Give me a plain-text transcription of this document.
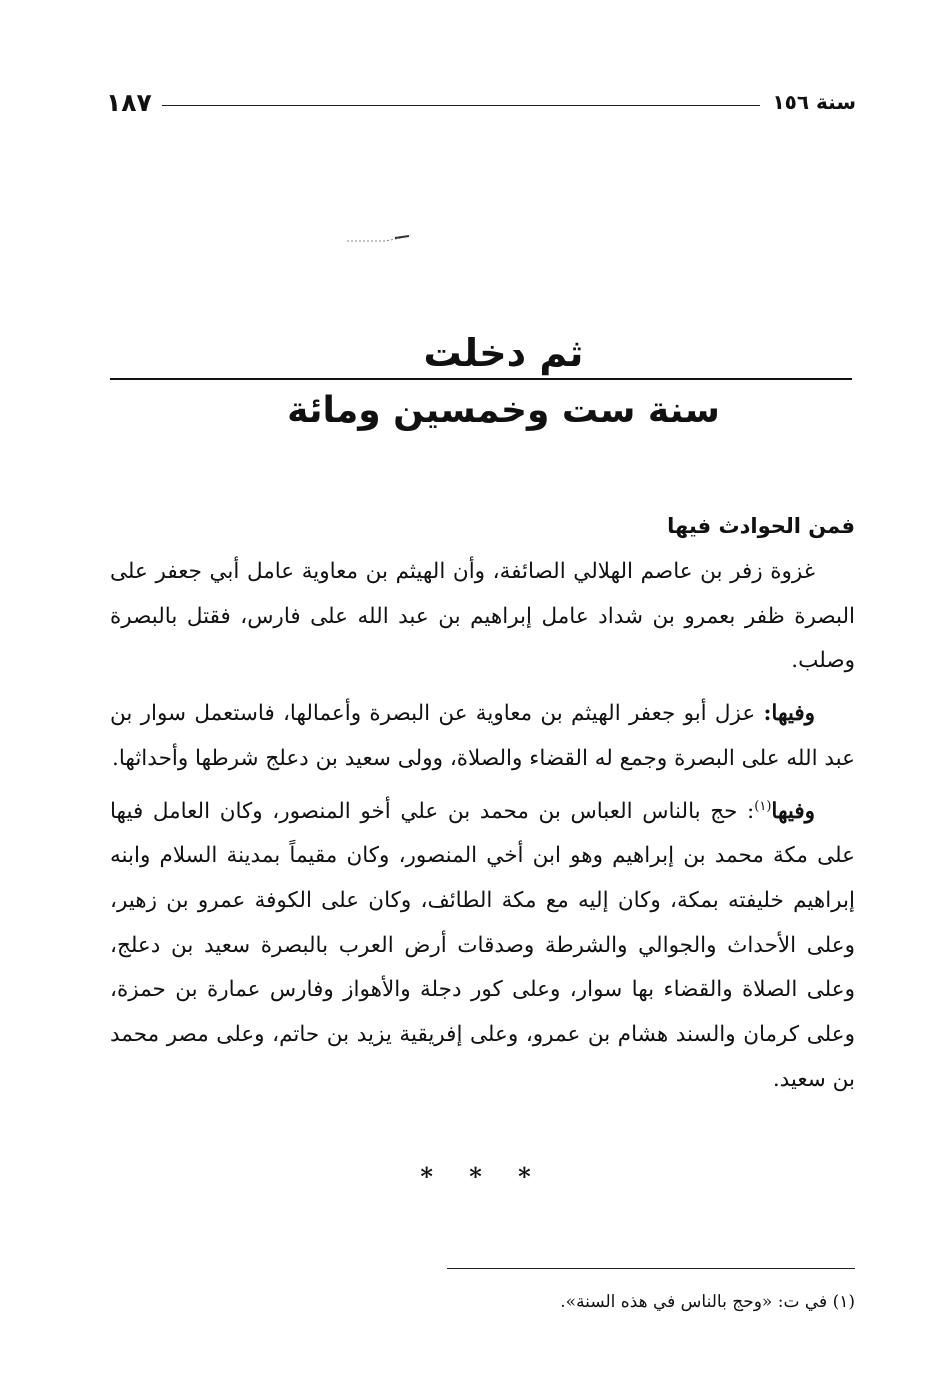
١٨٧	سنة ١٥٦
ثم دخلت
سنة ست وخمسين ومائة
فمن الحوادث فيها

غزوة زفر بن عاصم الهلالي الصائفة، وأن الهيثم بن معاوية عامل أبي جعفر على البصرة ظفر بعمرو بن شداد عامل إبراهيم بن عبد الله على فارس، فقتل بالبصرة وصلب.

وفيها: عزل أبو جعفر الهيثم بن معاوية عن البصرة وأعمالها، فاستعمل سوار بن عبد الله على البصرة وجمع له القضاء والصلاة، وولى سعيد بن دعلج شرطها وأحداثها.

وفيها$^{(١)}$: حج بالناس العباس بن محمد بن علي أخو المنصور، وكان العامل فيها على مكة محمد بن إبراهيم وهو ابن أخي المنصور، وكان مقيماً بمدينة السلام وابنه إبراهيم خليفته بمكة، وكان إليه مع مكة الطائف، وكان على الكوفة عمرو بن زهير، وعلى الأحداث والجوالي والشرطة وصدقات أرض العرب بالبصرة سعيد بن دعلج، وعلى الصلاة والقضاء بها سوار، وعلى كور دجلة والأهواز وفارس عمارة بن حمزة، وعلى كرمان والسند هشام بن عمرو، وعلى إفريقية يزيد بن حاتم، وعلى مصر محمد بن سعيد.

* * *
(١) في ت: «وحج بالناس في هذه السنة».
